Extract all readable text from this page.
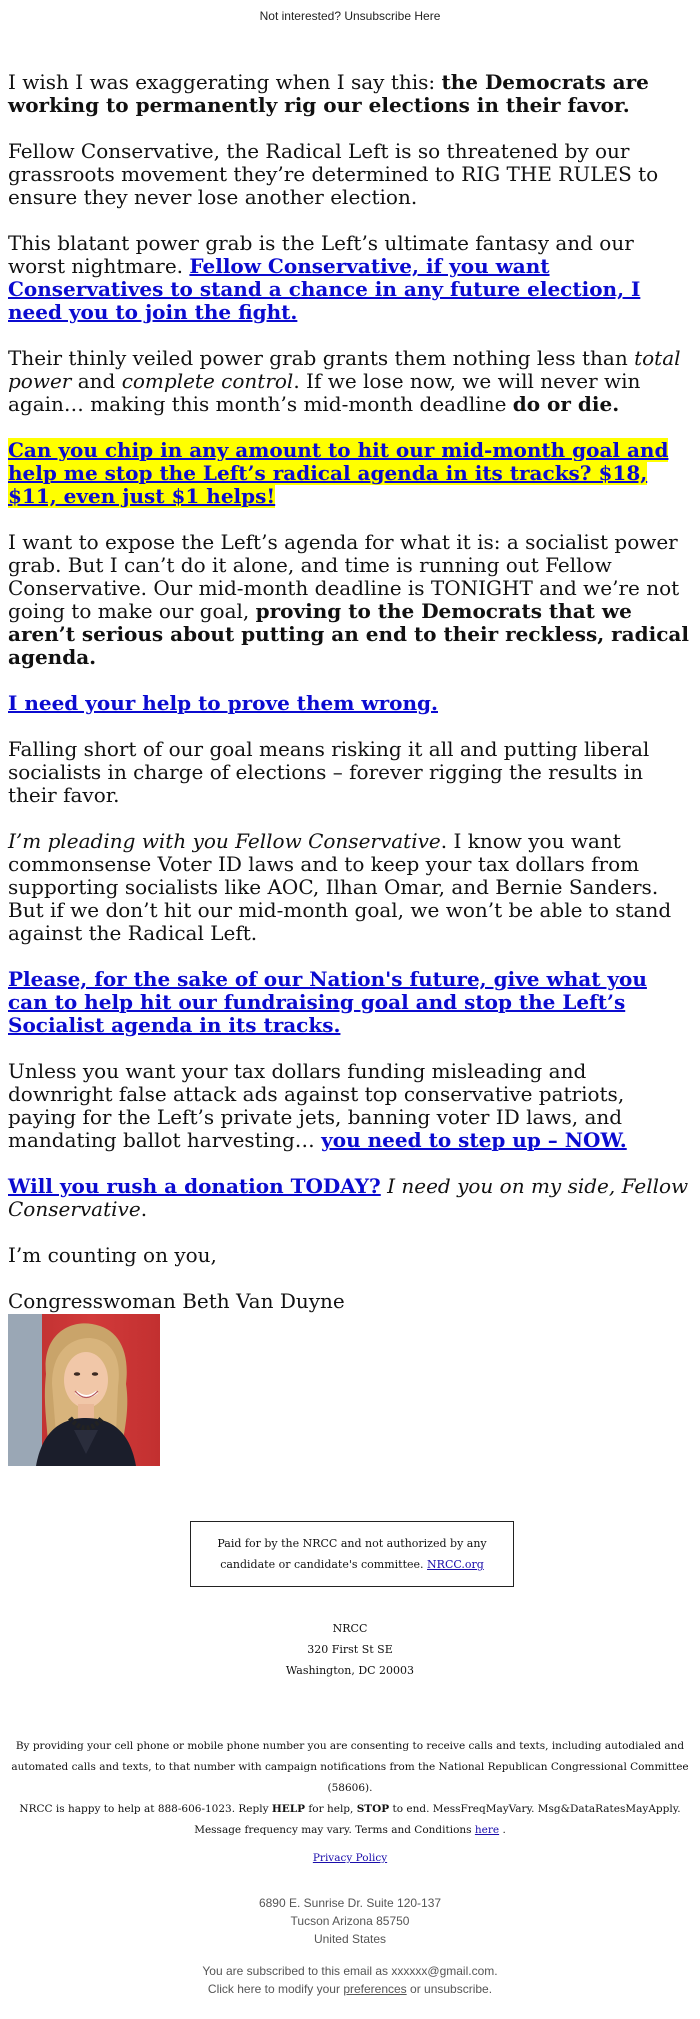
Not interested? Unsubscribe Here

I wish I was exaggerating when I say this: the Democrats are working to permanently rig our elections in their favor.

Fellow Conservative, the Radical Left is so threatened by our grassroots movement they’re determined to RIG THE RULES to ensure they never lose another election.

This blatant power grab is the Left’s ultimate fantasy and our worst nightmare. Fellow Conservative, if you want Conservatives to stand a chance in any future election, I need you to join the fight.

Their thinly veiled power grab grants them nothing less than total power and complete control. If we lose now, we will never win again… making this month’s mid-month deadline do or die.

Can you chip in any amount to hit our mid-month goal and help me stop the Left’s radical agenda in its tracks? $18, $11, even just $1 helps!

I want to expose the Left’s agenda for what it is: a socialist power grab. But I can’t do it alone, and time is running out Fellow Conservative. Our mid-month deadline is TONIGHT and we’re not going to make our goal, proving to the Democrats that we aren’t serious about putting an end to their reckless, radical agenda.

I need your help to prove them wrong.

Falling short of our goal means risking it all and putting liberal socialists in charge of elections – forever rigging the results in their favor.

I’m pleading with you Fellow Conservative. I know you want commonsense Voter ID laws and to keep your tax dollars from supporting socialists like AOC, Ilhan Omar, and Bernie Sanders. But if we don’t hit our mid-month goal, we won’t be able to stand against the Radical Left.

Please, for the sake of our Nation's future, give what you can to help hit our fundraising goal and stop the Left’s Socialist agenda in its tracks.

Unless you want your tax dollars funding misleading and downright false attack ads against top conservative patriots, paying for the Left’s private jets, banning voter ID laws, and mandating ballot harvesting… you need to step up – NOW.

Will you rush a donation TODAY? I need you on my side, Fellow Conservative.

I’m counting on you,

Congresswoman Beth Van Duyne
Paid for by the NRCC and not authorized by any candidate or candidate's committee. NRCC.org
NRCC
320 First St SE
Washington, DC 20003
By providing your cell phone or mobile phone number you are consenting to receive calls and texts, including autodialed and automated calls and texts, to that number with campaign notifications from the National Republican Congressional Committee (58606).
NRCC is happy to help at 888-606-1023. Reply HELP for help, STOP to end. MessFreqMayVary. Msg&DataRatesMayApply. Message frequency may vary. Terms and Conditions here .
Privacy Policy
6890 E. Sunrise Dr. Suite 120-137
Tucson Arizona 85750
United States
You are subscribed to this email as xxxxxx@gmail.com.
Click here to modify your preferences or unsubscribe.
